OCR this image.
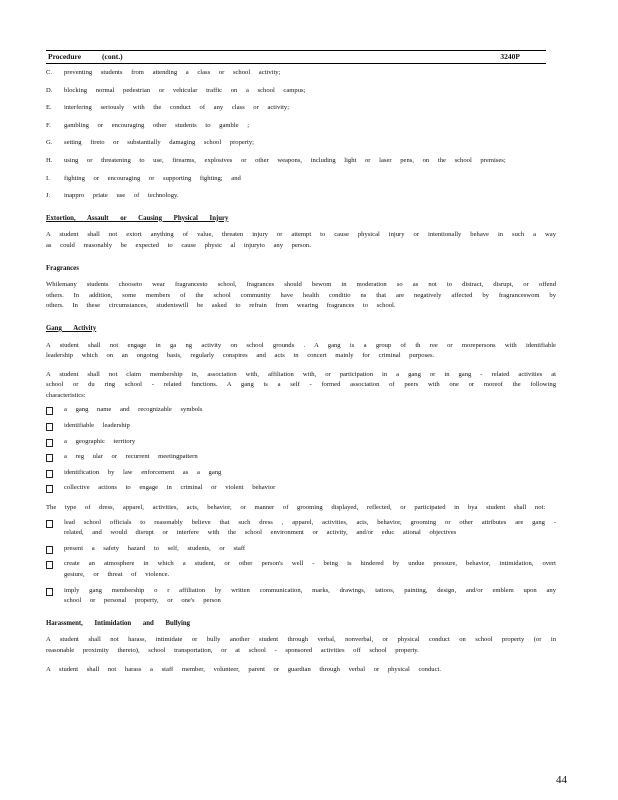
Procedure	(cont.)	3240P
C. preventing students from attending a class or school activity;
D. blocking normal pedestrian or vehicular traffic on a school campus;
E. interfering seriously with the conduct of any class or activity;
F. gambling or encouraging other students to gamble ;
G. setting fireto or substantially damaging school property;
H. using or threatening to use, firearms, explosives or other weapons, including light or laser pens, on the school premises;
I. fighting or encouraging or supporting fighting; and
J. inappro priate use of technology.
Extortion, Assault or Causing Physical Injury
A student shall not extort anything of value, threaten injury or attempt to cause physical injury or intentionally behave in such a way as could reasonably be expected to cause physic al injuryto any person.
Fragrances
Whilemany students chooseto wear fragrancesto school, fragrances should bewom in moderation so as not to distract, disrupt, or offend others. In addition, some members of the school community have health conditio ns that are negatively affected by fragranceswom by others. In these circumstances, studentswill be asked to refrain from wearing fragrances to school.
Gang Activity
A student shall not engage in ga ng activity on school grounds . A gang is a group of th ree or morepersons with identifiable leadership which on an ongoing basis, regularly conspires and acts in concert mainly for criminal purposes.
A student shall not claim membership in, association with, affiliation with, or participation in a gang or in gang - related activities at school or du ring school - related functions. A gang is a self - formed association of peers with one or moreof the following characteristics:
a gang name and recognizable symbols
identifiable leadership
a geographic territory
a reg ular or recurrent meetingpattern
identification by law enforcement as a gang
collective actions to engage in criminal or violent behavior
The type of dress, apparel, activities, acts, behavior, or manner of grooming displayed, reflected, or participated in bya student shall not:
lead school officials to reasonably believe that such dress , apparel, activities, acts, behavior, grooming or other attributes are gang - related, and would disrupt or interfere with the school environment or activity, and/or educ ational objectives
present a safety hazard to self, students, or staff
create an atmosphere in which a student, or other person's well - being is hindered by undue pressure, behavior, intimidation, overt gesture, or threat of violence.
imply gang membership o r affiliation by written communication, marks, drawings, tattoos, painting, design, and/or emblem upon any school or personal property, or one's person
Harassment, Intimidation and Bullying
A student shall not harass, intimidate or bully another student through verbal, nonverbal, or physical conduct on school property (or in reasonable proximity thereto), school transportation, or at school - sponsored activities off school property.
A student shall not harass a staff member, volunteer, parent or guardian through verbal or physical conduct.
44
